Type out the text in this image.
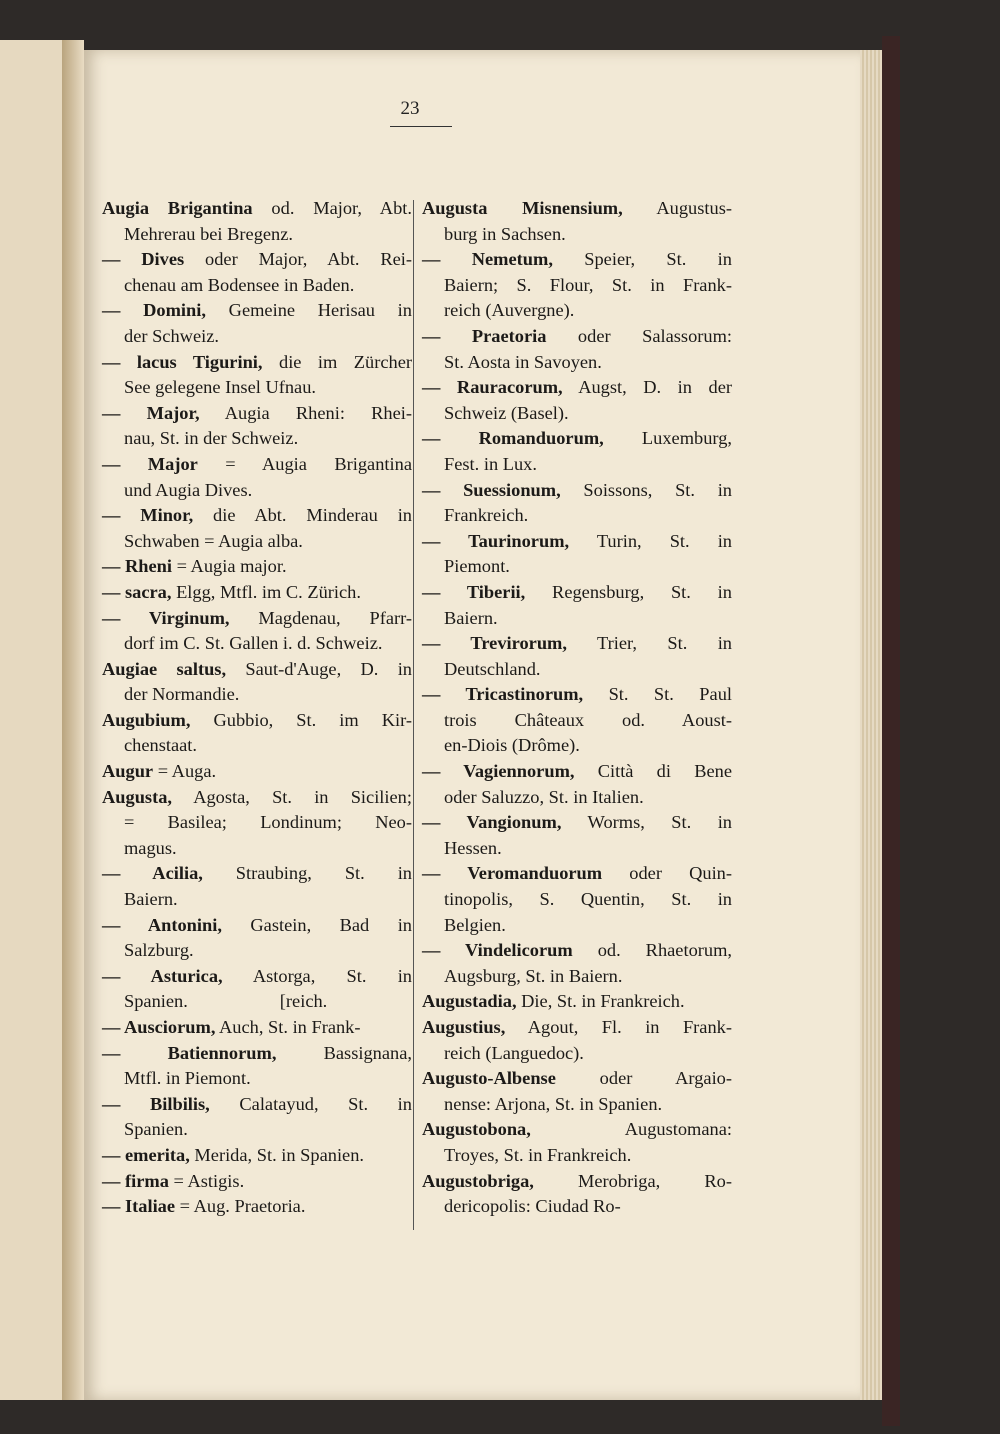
23
Augia Brigantina od. Major, Abt.
Mehrerau bei Bregenz.
— Dives oder Major, Abt. Rei-
chenau am Bodensee in Baden.
— Domini, Gemeine Herisau in
der Schweiz.
— lacus Tigurini, die im Zürcher
See gelegene Insel Ufnau.
— Major, Augia Rheni: Rhei-
nau, St. in der Schweiz.
— Major = Augia Brigantina
und Augia Dives.
— Minor, die Abt. Minderau in
Schwaben = Augia alba.
— Rheni = Augia major.
— sacra, Elgg, Mtfl. im C. Zürich.
— Virginum, Magdenau, Pfarr-
dorf im C. St. Gallen i. d. Schweiz.
Augiae saltus, Saut-d'Auge, D. in
der Normandie.
Augubium, Gubbio, St. im Kir-
chenstaat.
Augur = Auga.
Augusta, Agosta, St. in Sicilien;
= Basilea; Londinum; Neo-
magus.
— Acilia, Straubing, St. in
Baiern.
— Antonini, Gastein, Bad in
Salzburg.
— Asturica, Astorga, St. in
Spanien.                    [reich.
— Ausciorum, Auch, St. in Frank-
— Batiennorum, Bassignana,
Mtfl. in Piemont.
— Bilbilis, Calatayud, St. in
Spanien.
— emerita, Merida, St. in Spanien.
— firma = Astigis.
— Italiae = Aug. Praetoria.
Augusta Misnensium, Augustus-
burg in Sachsen.
— Nemetum, Speier, St. in
Baiern; S. Flour, St. in Frank-
reich (Auvergne).
— Praetoria oder Salassorum:
St. Aosta in Savoyen.
— Rauracorum, Augst, D. in der
Schweiz (Basel).
— Romanduorum, Luxemburg,
Fest. in Lux.
— Suessionum, Soissons, St. in
Frankreich.
— Taurinorum, Turin, St. in
Piemont.
— Tiberii, Regensburg, St. in
Baiern.
— Trevirorum, Trier, St. in
Deutschland.
— Tricastinorum, St. St. Paul
trois Châteaux od. Aoust-
en-Diois (Drôme).
— Vagiennorum, Città di Bene
oder Saluzzo, St. in Italien.
— Vangionum, Worms, St. in
Hessen.
— Veromanduorum oder Quin-
tinopolis, S. Quentin, St. in
Belgien.
— Vindelicorum od. Rhaetorum,
Augsburg, St. in Baiern.
Augustadia, Die, St. in Frankreich.
Augustius, Agout, Fl. in Frank-
reich (Languedoc).
Augusto-Albense oder Argaio-
nense: Arjona, St. in Spanien.
Augustobona, Augustomana:
Troyes, St. in Frankreich.
Augustobriga, Merobriga, Ro-
dericopolis: Ciudad Ro-
